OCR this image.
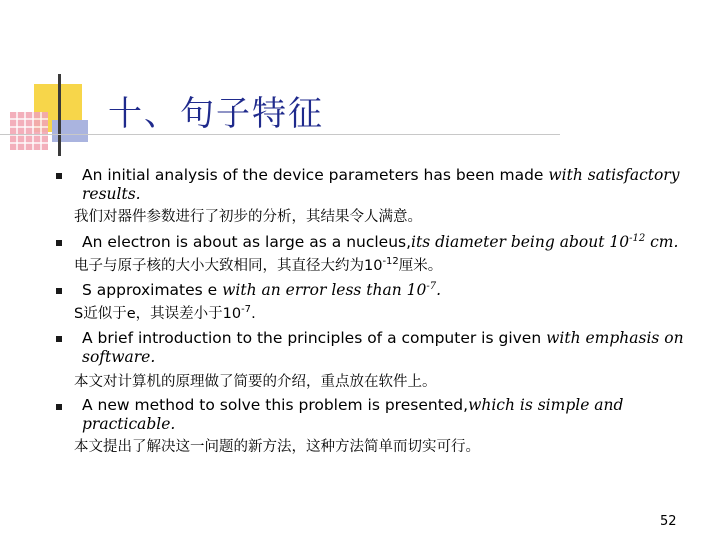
十、句子特征
An initial analysis of the device parameters has been made with satisfactory
results.
我们对器件参数进行了初步的分析，其结果令人满意。
An electron is about as large as a nucleus,its diameter being about $10^{-12}$ cm.
电子与原子核的大小大致相同，其直径大约为$10^{-12}$厘米。
S approximates e with an error less than $10^{-7}$.
S近似于e，其误差小于$10^{-7}$.
A brief introduction to the principles of a computer is given with emphasis on
software.
本文对计算机的原理做了简要的介绍，重点放在软件上。
A new method to solve this problem is presented,which is simple and
practicable.
本文提出了解决这一问题的新方法，这种方法简单而切实可行。
52
